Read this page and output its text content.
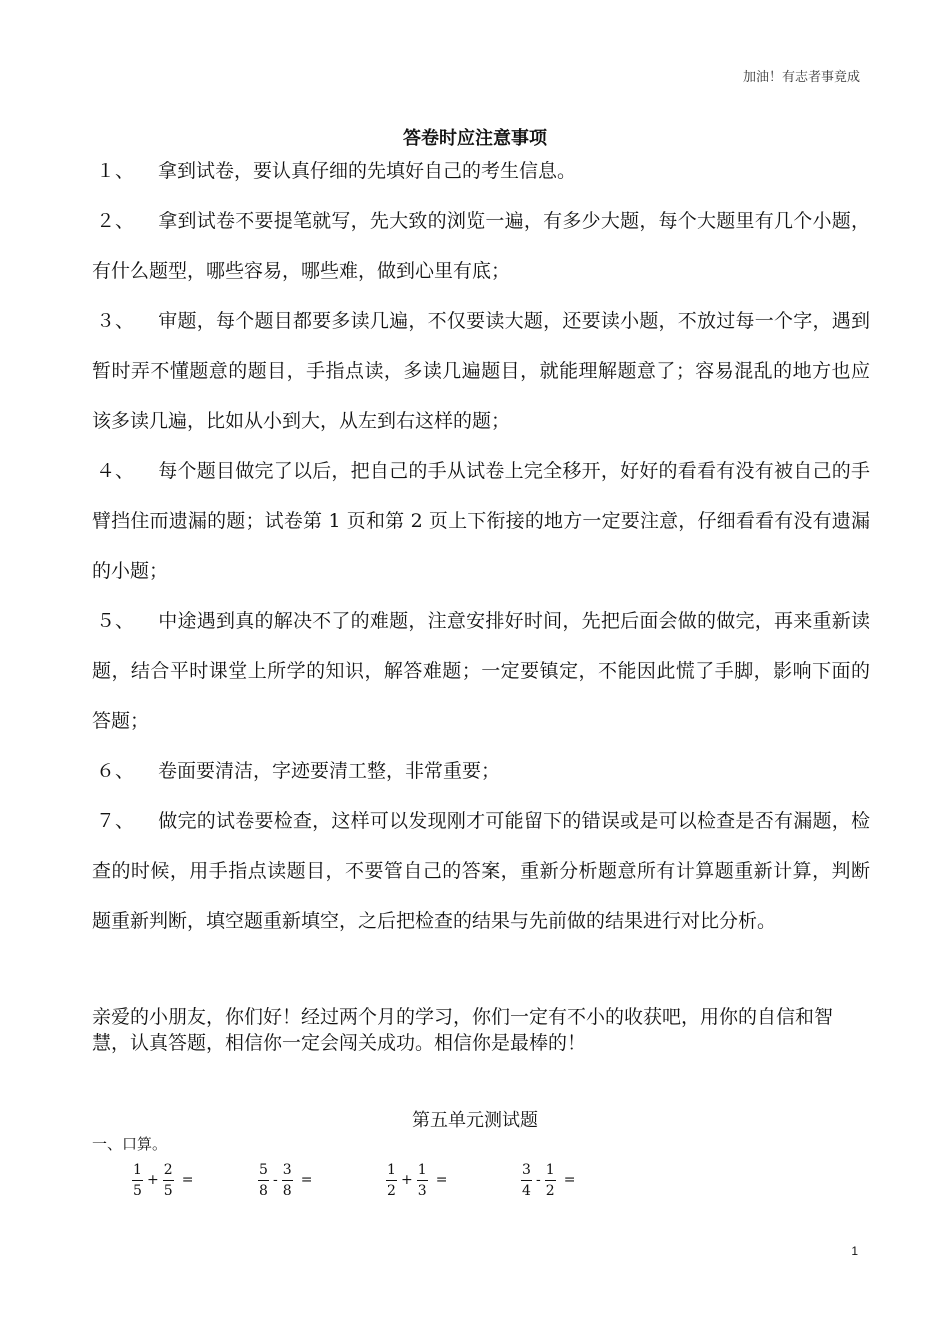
加油！有志者事竟成
答卷时应注意事项
１、 拿到试卷，要认真仔细的先填好自己的考生信息。
２、 拿到试卷不要提笔就写，先大致的浏览一遍，有多少大题，每个大题里有几个小题，有什么题型，哪些容易，哪些难，做到心里有底；
３、 审题，每个题目都要多读几遍，不仅要读大题，还要读小题，不放过每一个字，遇到暂时弄不懂题意的题目，手指点读，多读几遍题目，就能理解题意了；容易混乱的地方也应该多读几遍，比如从小到大，从左到右这样的题；
４、 每个题目做完了以后，把自己的手从试卷上完全移开，好好的看看有没有被自己的手臂挡住而遗漏的题；试卷第 1 页和第 2 页上下衔接的地方一定要注意，仔细看看有没有遗漏的小题；
５、 中途遇到真的解决不了的难题，注意安排好时间，先把后面会做的做完，再来重新读题，结合平时课堂上所学的知识，解答难题；一定要镇定，不能因此慌了手脚，影响下面的答题；
６、 卷面要清洁，字迹要清工整，非常重要；
７、 做完的试卷要检查，这样可以发现刚才可能留下的错误或是可以检查是否有漏题，检查的时候，用手指点读题目，不要管自己的答案，重新分析题意所有计算题重新计算，判断题重新判断，填空题重新填空，之后把检查的结果与先前做的结果进行对比分析。
亲爱的小朋友，你们好！经过两个月的学习，你们一定有不小的收获吧，用你的自信和智慧，认真答题，相信你一定会闯关成功。相信你是最棒的！
第五单元测试题
一、口算。
$\frac{1}{5} + \frac{2}{5}$ =	$\frac{5}{8} - \frac{3}{8}$ =	$\frac{1}{2} + \frac{1}{3}$ =	$\frac{3}{4} - \frac{1}{2}$ =
1
